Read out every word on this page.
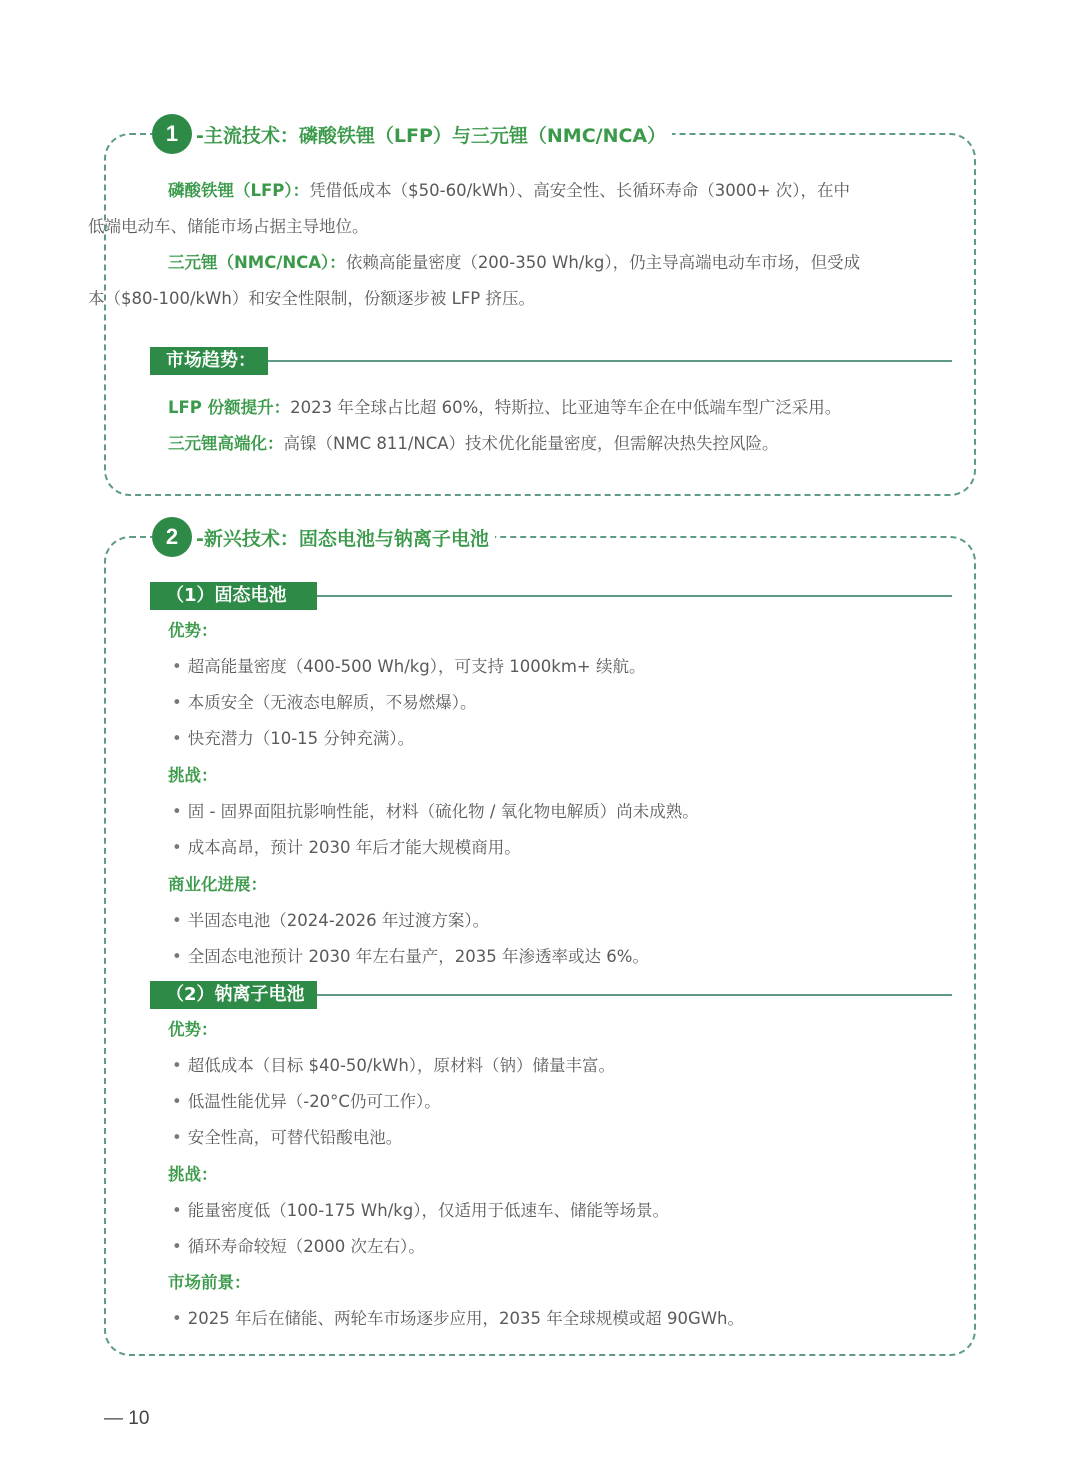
1 -主流技术：磷酸铁锂（LFP）与三元锂（NMC/NCA）
磷酸铁锂（LFP）：凭借低成本（$50-60/kWh）、高安全性、长循环寿命（3000+ 次），在中
低端电动车、储能市场占据主导地位。
三元锂（NMC/NCA）：依赖高能量密度（200-350 Wh/kg），仍主导高端电动车市场，但受成
本（$80-100/kWh）和安全性限制，份额逐步被 LFP 挤压。
市场趋势：
LFP 份额提升：2023 年全球占比超 60%，特斯拉、比亚迪等车企在中低端车型广泛采用。
三元锂高端化：高镍（NMC 811/NCA）技术优化能量密度，但需解决热失控风险。
2 -新兴技术：固态电池与钠离子电池
（1）固态电池
优势：
• 超高能量密度（400-500 Wh/kg），可支持 1000km+ 续航。
• 本质安全（无液态电解质，不易燃爆）。
• 快充潜力（10-15 分钟充满）。
挑战：
• 固 - 固界面阻抗影响性能，材料（硫化物 / 氧化物电解质）尚未成熟。
• 成本高昂，预计 2030 年后才能大规模商用。
商业化进展：
• 半固态电池（2024-2026 年过渡方案）。
• 全固态电池预计 2030 年左右量产，2035 年渗透率或达 6%。
（2）钠离子电池
优势：
• 超低成本（目标 $40-50/kWh），原材料（钠）储量丰富。
• 低温性能优异（-20°C仍可工作）。
• 安全性高，可替代铅酸电池。
挑战：
• 能量密度低（100-175 Wh/kg），仅适用于低速车、储能等场景。
• 循环寿命较短（2000 次左右）。
市场前景：
• 2025 年后在储能、两轮车市场逐步应用，2035 年全球规模或超 90GWh。
— 10
